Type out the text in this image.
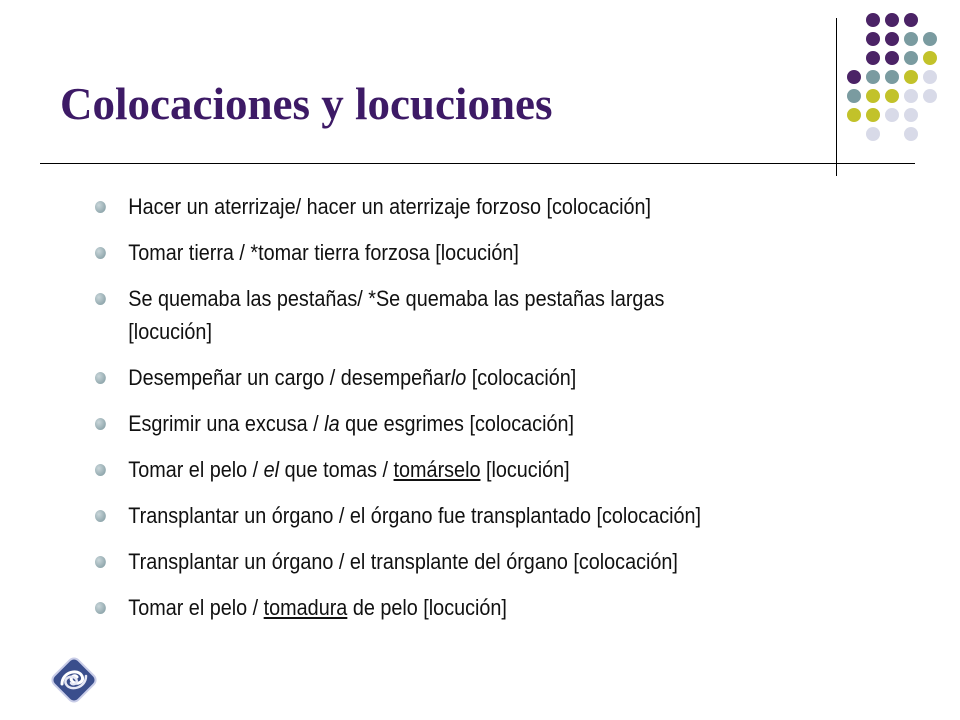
Colocaciones y locuciones
Hacer un aterrizaje/ hacer un aterrizaje forzoso [colocación]
Tomar tierra / *tomar tierra forzosa [locución]
Se quemaba las pestañas/ *Se quemaba las pestañas largas [locución]
Desempeñar un cargo / desempeñarlo [colocación]
Esgrimir una excusa / la que esgrimes [colocación]
Tomar el pelo / el que tomas / tomárselo [locución]
Transplantar un órgano / el órgano fue transplantado [colocación]
Transplantar un órgano / el transplante del órgano [colocación]
Tomar el pelo / tomadura de pelo [locución]
